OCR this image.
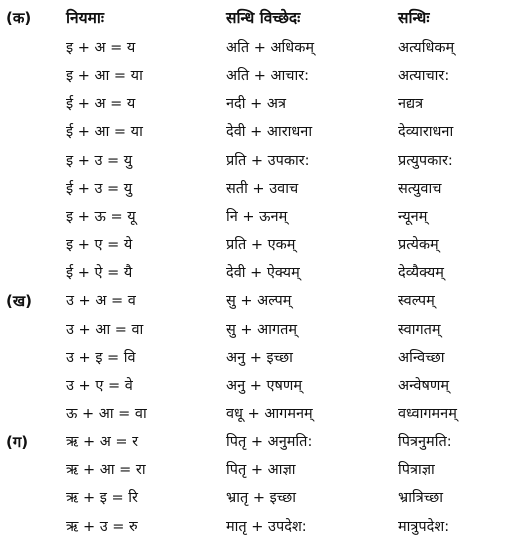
(क) नियमाः	सन्धि विच्छेदः	सन्धिः
इ + अ = य	अति + अधिकम्	अत्यधिकम्
इ + आ = या	अति + आचार:	अत्याचार:
ई + अ = य	नदी + अत्र	नद्यत्र
ई + आ = या	देवी + आराधना	देव्याराधना
इ + उ = यु	प्रति + उपकार:	प्रत्युपकार:
ई + उ = यु	सती + उवाच	सत्युवाच
इ + ऊ = यू	नि + ऊनम्	न्यूनम्
इ + ए = ये	प्रति + एकम्	प्रत्येकम्
ई + ऐ = यै	देवी + ऐक्यम्	देव्यैक्यम्
(ख) उ + अ = व	सु + अल्पम्	स्वल्पम्
उ + आ = वा	सु + आगतम्	स्वागतम्
उ + इ = वि	अनु + इच्छा	अन्विच्छा
उ + ए = वे	अनु + एषणम्	अन्वेषणम्
ऊ + आ = वा	वधू + आगमनम्	वध्वागमनम्
(ग)	ऋ + अ = र	पितृ + अनुमति:	पित्रनुमति:
ऋ + आ = रा	पितृ + आज्ञा	पित्राज्ञा
ऋ + इ = रि	भ्रातृ + इच्छा	भ्रात्रिच्छा
ऋ + उ = रु	मातृ + उपदेश:	मात्रुपदेश:
